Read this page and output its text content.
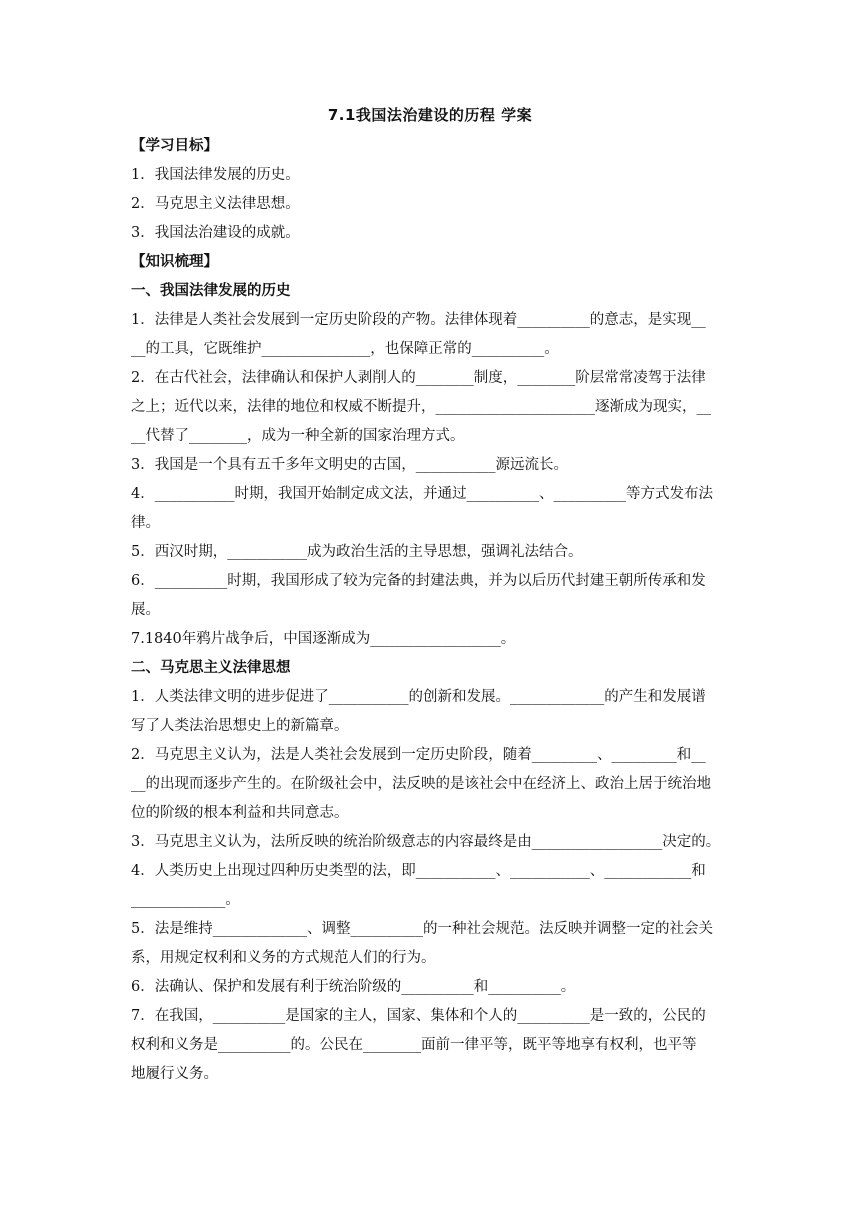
7.1我国法治建设的历程 学案
【学习目标】
1．我国法律发展的历史。
2．马克思主义法律思想。
3．我国法治建设的成就。
【知识梳理】
一、我国法律发展的历史
1．法律是人类社会发展到一定历史阶段的产物。法律体现着__________的意志，是实现__
__的工具，它既维护_______________，也保障正常的__________。
2．在古代社会，法律确认和保护人剥削人的________制度，________阶层常常凌驾于法律
之上；近代以来，法律的地位和权威不断提升，______________________逐渐成为现实，__
__代替了________，成为一种全新的国家治理方式。
3．我国是一个具有五千多年文明史的古国，___________源远流长。
4．___________时期，我国开始制定成文法，并通过__________、__________等方式发布法
律。
5．西汉时期，___________成为政治生活的主导思想，强调礼法结合。
6．__________时期，我国形成了较为完备的封建法典，并为以后历代封建王朝所传承和发
展。
7.1840年鸦片战争后，中国逐渐成为__________________。
二、马克思主义法律思想
1．人类法律文明的进步促进了___________的创新和发展。_____________的产生和发展谱
写了人类法治思想史上的新篇章。
2．马克思主义认为，法是人类社会发展到一定历史阶段，随着_________、_________和__
__的出现而逐步产生的。在阶级社会中，法反映的是该社会中在经济上、政治上居于统治地
位的阶级的根本利益和共同意志。
3．马克思主义认为，法所反映的统治阶级意志的内容最终是由__________________决定的。
4．人类历史上出现过四种历史类型的法，即___________、___________、____________和
_____________。
5．法是维持_____________、调整__________的一种社会规范。法反映并调整一定的社会关
系，用规定权利和义务的方式规范人们的行为。
6．法确认、保护和发展有利于统治阶级的__________和__________。
7．在我国，__________是国家的主人，国家、集体和个人的__________是一致的，公民的
权利和义务是__________的。公民在________面前一律平等，既平等地享有权利，也平等
地履行义务。
